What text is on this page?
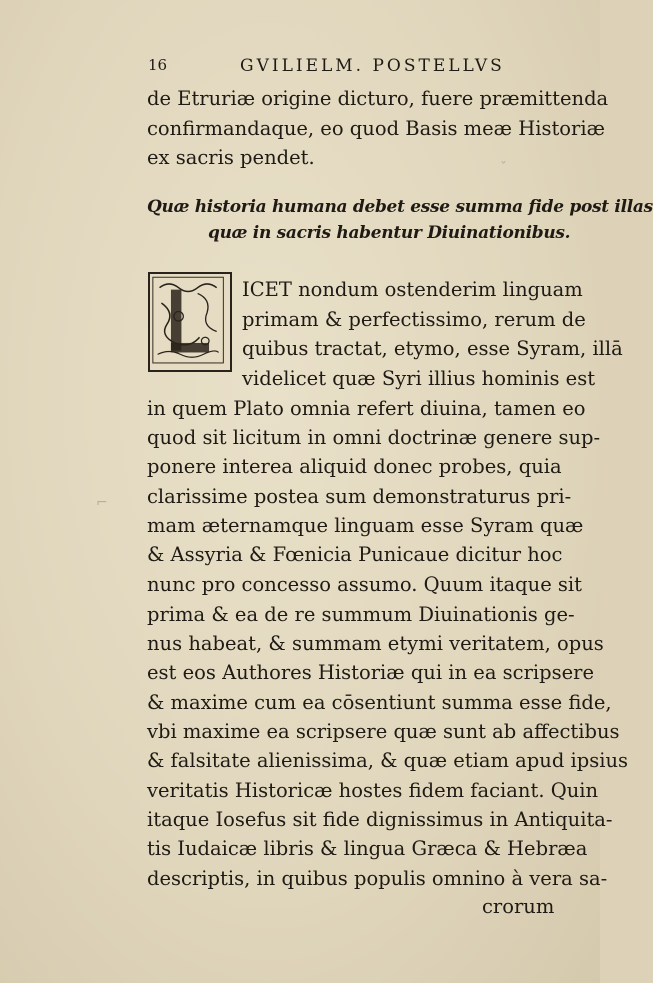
16	GVILIELM. POSTELLVS
de Etruriæ origine dicturo, fuere præmittenda
confirmandaque, eo quod Basis meæ Historiæ
ex sacris pendet.
Quæ historia humana debet esse summa fide post illas
quæ in sacris habentur Diuinationibus.
ICET nondum ostenderim linguam
primam & perfectissimo, rerum de
quibus tractat, etymo, esse Syram, illā
videlicet quæ Syri illius hominis est
in quem Plato omnia refert diuina, tamen eo
quod sit licitum in omni doctrinæ genere sup-
ponere interea aliquid donec probes, quia
clarissime postea sum demonstraturus pri-
mam æternamque linguam esse Syram quæ
& Assyria & Fœnicia Punicaue dicitur hoc
nunc pro concesso assumo. Quum itaque sit
prima & ea de re summum Diuinationis ge-
nus habeat, & summam etymi veritatem, opus
est eos Authores Historiæ qui in ea scripsere
& maxime cum ea cōsentiunt summa esse fide,
vbi maxime ea scripsere quæ sunt ab affectibus
& falsitate alienissima, & quæ etiam apud ipsius
veritatis Historicæ hostes fidem faciant. Quin
itaque Iosefus sit fide dignissimus in Antiquita-
tis Iudaicæ libris & lingua Græca & Hebræa
descriptis, in quibus populis omnino à vera sa-
crorum
ˇ
⌐
